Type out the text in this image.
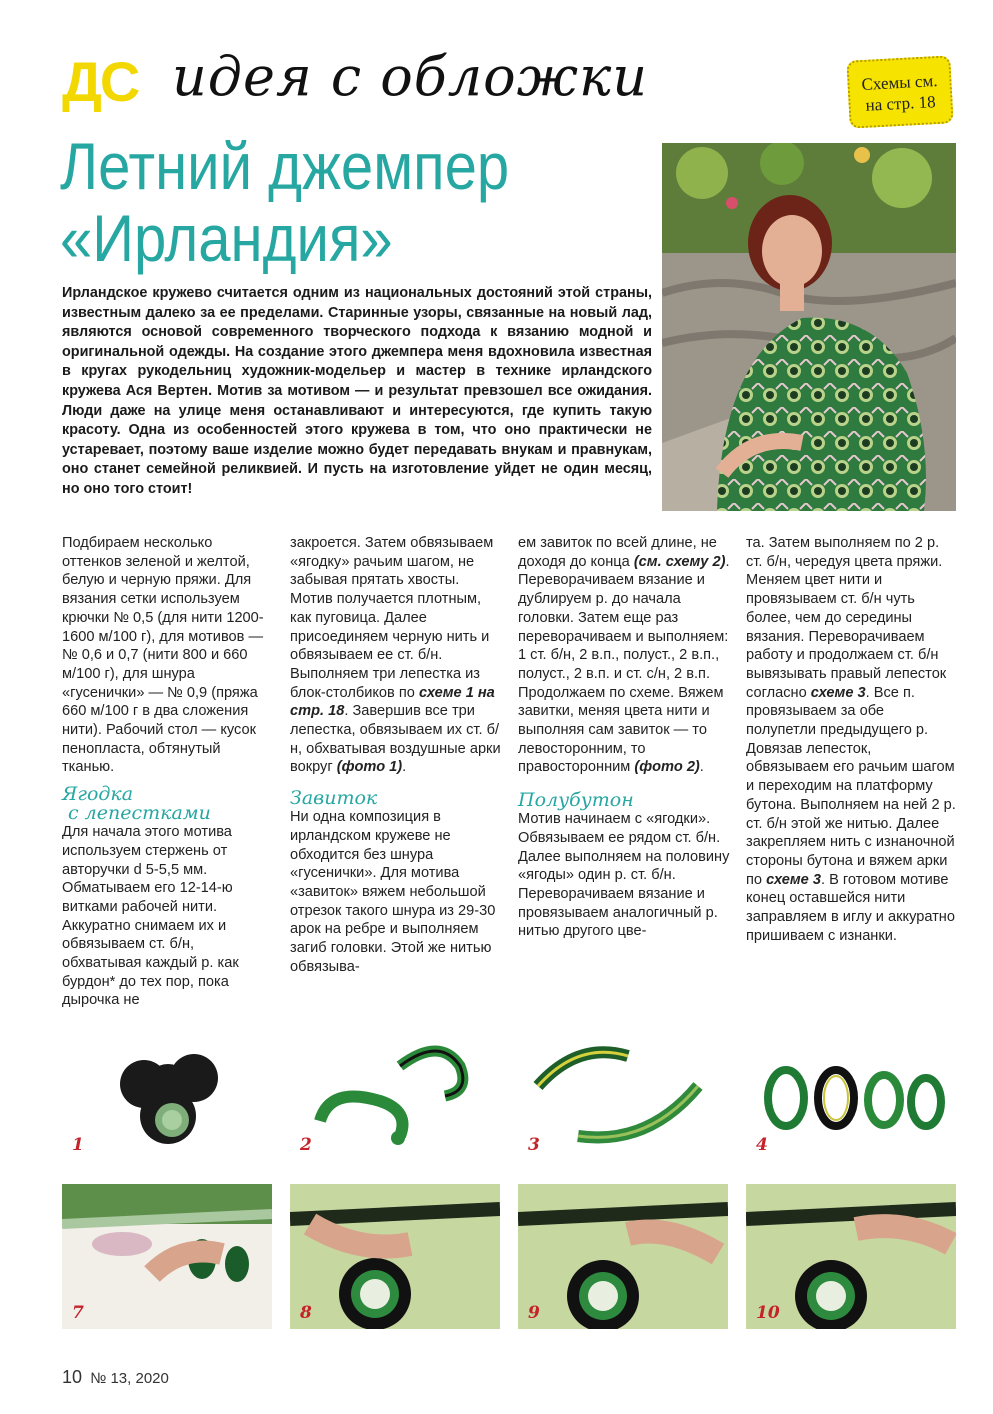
ДС идея с обложки
Летний джемпер
«Ирландия»
Схемы см.
на стр. 18
Ирландское кружево считается одним из национальных достояний этой страны, известным далеко за ее пределами. Старинные узоры, связанные на новый лад, являются основой современного творческого подхода к вязанию модной и оригинальной одежды. На создание этого джемпера меня вдохновила известная в кругах рукодельниц художник-модельер и мастер в технике ирландского кружева Ася Вертен. Мотив за мотивом — и результат превзошел все ожидания. Люди даже на улице меня останавливают и интересуются, где купить такую красоту. Одна из особенностей этого кружева в том, что оно практически не устаревает, поэтому ваше изделие можно будет передавать внукам и правнукам, оно станет семейной реликвией. И пусть на изготовление уйдет не один месяц, но оно того стоит!

Подбираем несколько оттенков зеленой и желтой, белую и черную пряжи. Для вязания сетки используем крючки № 0,5 (для нити 1200-1600 м/100 г), для мотивов — № 0,6 и 0,7 (нити 800 и 660 м/100 г), для шнура «гусенички» — № 0,9 (пряжа 660 м/100 г в два сложения нити). Рабочий стол — кусок пенопласта, обтянутый тканью.

Ягодка
с лепестками

Для начала этого мотива используем стержень от авторучки d 5-5,5 мм. Обматываем его 12-14-ю витками рабочей нити. Аккуратно снимаем их и обвязываем ст. б/н, обхватывая каждый р. как бурдон* до тех пор, пока дырочка не

закроется. Затем обвязываем «ягодку» рачьим шагом, не забывая прятать хвосты. Мотив получается плотным, как пуговица. Далее присоединяем черную нить и обвязываем ее ст. б/н. Выполняем три лепестка из блок-столбиков по схеме 1 на стр. 18. Завершив все три лепестка, обвязываем их ст. б/н, обхватывая воздушные арки вокруг (фото 1).

Завиток

Ни одна композиция в ирландском кружеве не обходится без шнура «гусенички». Для мотива «завиток» вяжем небольшой отрезок такого шнура из 29-30 арок на ребре и выполняем загиб головки. Этой же нитью обвязыва-

ем завиток по всей длине, не доходя до конца (см. схему 2). Переворачиваем вязание и дублируем р. до начала головки. Затем еще раз переворачиваем и выполняем: 1 ст. б/н, 2 в.п., полуст., 2 в.п., полуст., 2 в.п. и ст. с/н, 2 в.п. Продолжаем по схеме. Вяжем завитки, меняя цвета нити и выполняя сам завиток — то левосторонним, то правосторонним (фото 2).

Полубутон

Мотив начинаем с «ягодки». Обвязываем ее рядом ст. б/н. Далее выполняем на половину «ягоды» один р. ст. б/н. Переворачиваем вязание и провязываем аналогичный р. нитью другого цве-

та. Затем выполняем по 2 р. ст. б/н, чередуя цвета пряжи. Меняем цвет нити и провязываем ст. б/н чуть более, чем до середины вязания. Переворачиваем работу и продолжаем ст. б/н вывязывать правый лепесток согласно схеме 3. Все п. провязываем за обе полупетли предыдущего р. Довязав лепесток, обвязываем его рачьим шагом и переходим на платформу бутона. Выполняем на ней 2 р. ст. б/н этой же нитью. Далее закрепляем нить с изнаночной стороны бутона и вяжем арки по схеме 3. В готовом мотиве конец оставшейся нити заправляем в иглу и аккуратно пришиваем с изнанки.

1	2	3	4
7	8	9	10
10 № 13, 2020
